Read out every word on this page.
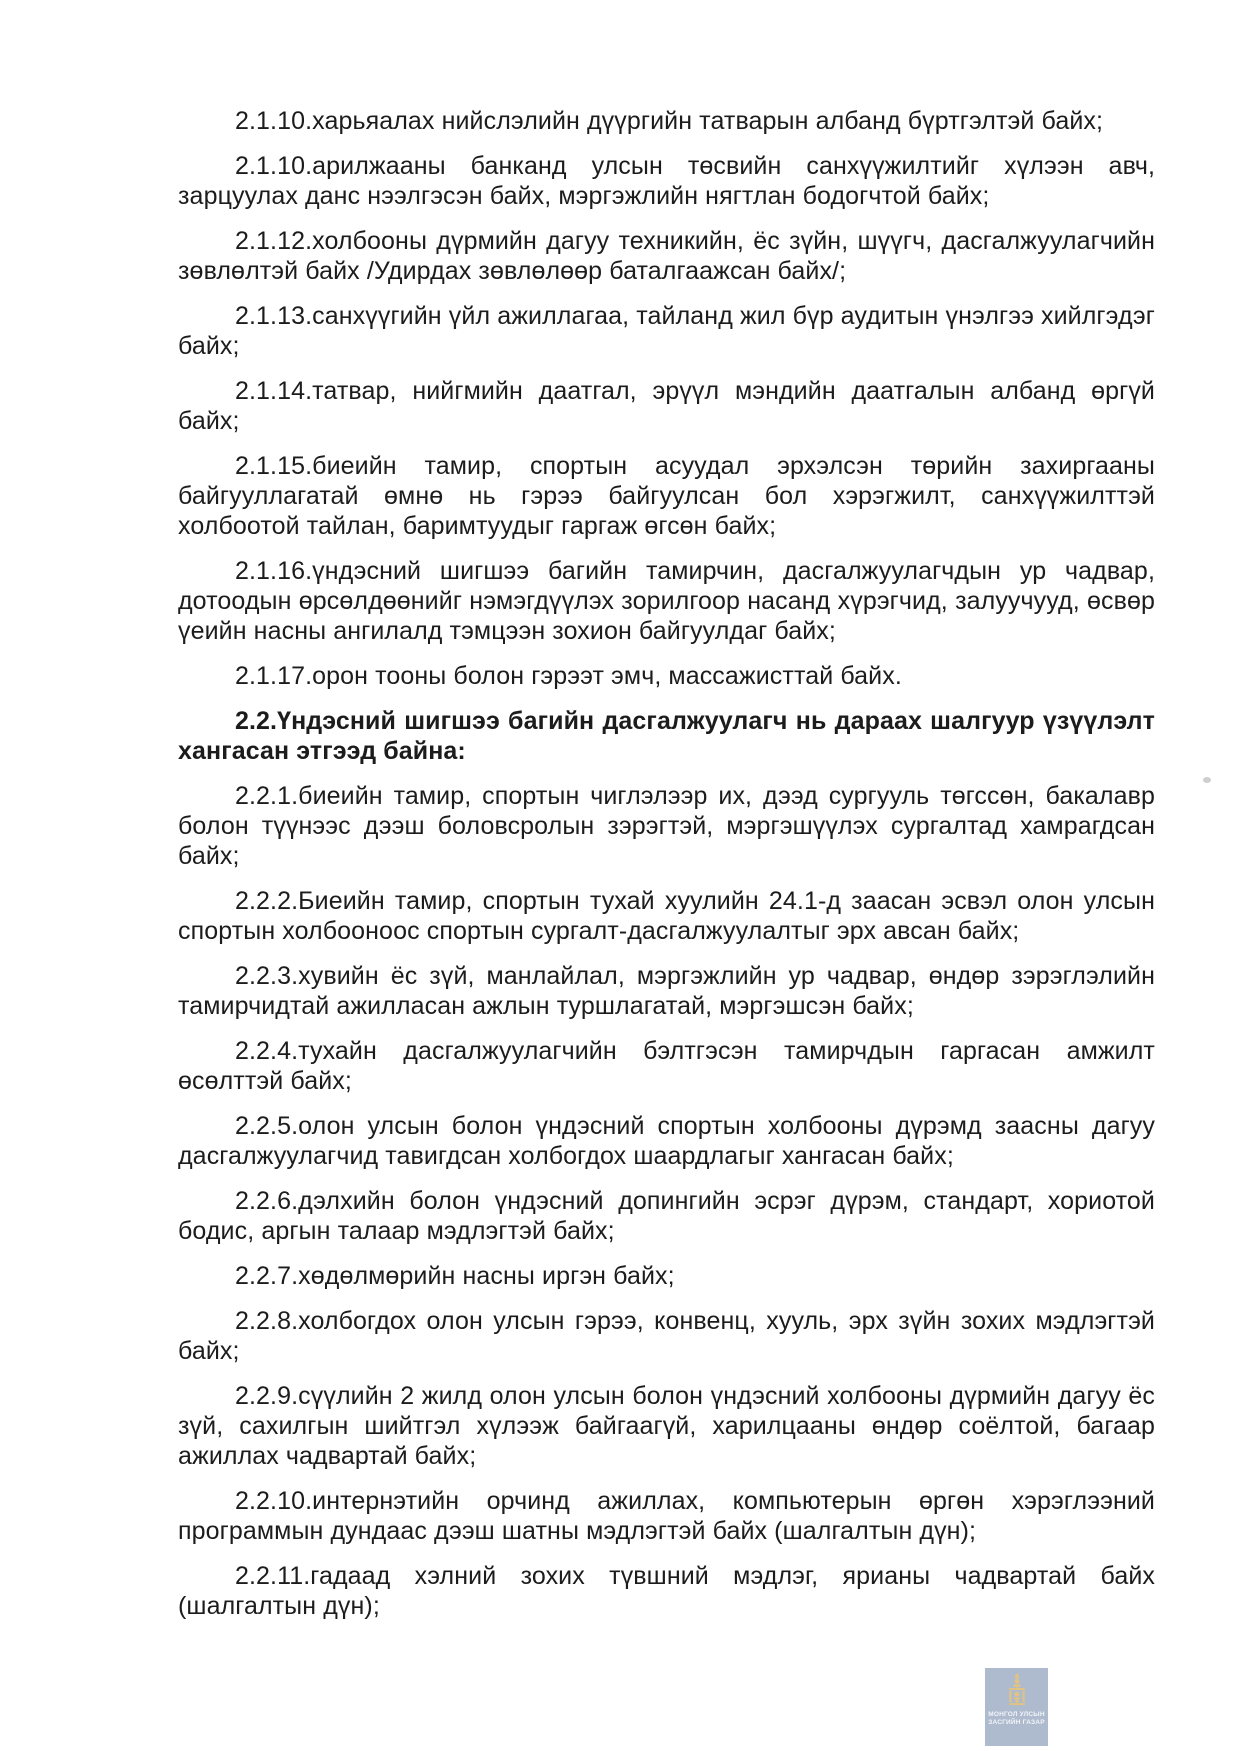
2.1.10.харьяалах нийслэлийн дүүргийн татварын албанд бүртгэлтэй байх;

2.1.10.арилжааны банканд улсын төсвийн санхүүжилтийг хүлээн авч, зарцуулах данс нээлгэсэн байх, мэргэжлийн нягтлан бодогчтой байх;

2.1.12.холбооны дүрмийн дагуу техникийн, ёс зүйн, шүүгч, дасгалжуулагчийн зөвлөлтэй байх /Удирдах зөвлөлөөр баталгаажсан байх/;

2.1.13.санхүүгийн үйл ажиллагаа, тайланд жил бүр аудитын үнэлгээ хийлгэдэг байх;

2.1.14.татвар, нийгмийн даатгал, эрүүл мэндийн даатгалын албанд өргүй байх;

2.1.15.биеийн тамир, спортын асуудал эрхэлсэн төрийн захиргааны байгууллагатай өмнө нь гэрээ байгуулсан бол хэрэгжилт, санхүүжилттэй холбоотой тайлан, баримтуудыг гаргаж өгсөн байх;

2.1.16.үндэсний шигшээ багийн тамирчин, дасгалжуулагчдын ур чадвар, дотоодын өрсөлдөөнийг нэмэгдүүлэх зорилгоор насанд хүрэгчид, залуучууд, өсвөр үеийн насны ангилалд тэмцээн зохион байгуулдаг байх;

2.1.17.орон тооны болон гэрээт эмч, массажисттай байх.

2.2.Үндэсний шигшээ багийн дасгалжуулагч нь дараах шалгуур үзүүлэлт хангасан этгээд байна:

2.2.1.биеийн тамир, спортын чиглэлээр их, дээд сургууль төгссөн, бакалавр болон түүнээс дээш боловсролын зэрэгтэй, мэргэшүүлэх сургалтад хамрагдсан байх;

2.2.2.Биеийн тамир, спортын тухай хуулийн 24.1-д заасан эсвэл олон улсын спортын холбооноос спортын сургалт-дасгалжуулалтыг эрх авсан байх;

2.2.3.хувийн ёс зүй, манлайлал, мэргэжлийн ур чадвар, өндөр зэрэглэлийн тамирчидтай ажилласан ажлын туршлагатай, мэргэшсэн байх;

2.2.4.тухайн дасгалжуулагчийн бэлтгэсэн тамирчдын гаргасан амжилт өсөлттэй байх;

2.2.5.олон улсын болон үндэсний спортын холбооны дүрэмд заасны дагуу дасгалжуулагчид тавигдсан холбогдох шаардлагыг хангасан байх;

2.2.6.дэлхийн болон үндэсний допингийн эсрэг дүрэм, стандарт, хориотой бодис, аргын талаар мэдлэгтэй байх;

2.2.7.хөдөлмөрийн насны иргэн байх;

2.2.8.холбогдох олон улсын гэрээ, конвенц, хууль, эрх зүйн зохих мэдлэгтэй байх;

2.2.9.сүүлийн 2 жилд олон улсын болон үндэсний холбооны дүрмийн дагуу ёс зүй, сахилгын шийтгэл хүлээж байгаагүй, харилцааны өндөр соёлтой, багаар ажиллах чадвартай байх;

2.2.10.интернэтийн орчинд ажиллах, компьютерын өргөн хэрэглээний программын дундаас дээш шатны мэдлэгтэй байх (шалгалтын дүн);

2.2.11.гадаад хэлний зохих түвшний мэдлэг, ярианы чадвартай байх (шалгалтын дүн);

МОНГОЛ УЛСЫН
ЗАСГИЙН ГАЗАР
